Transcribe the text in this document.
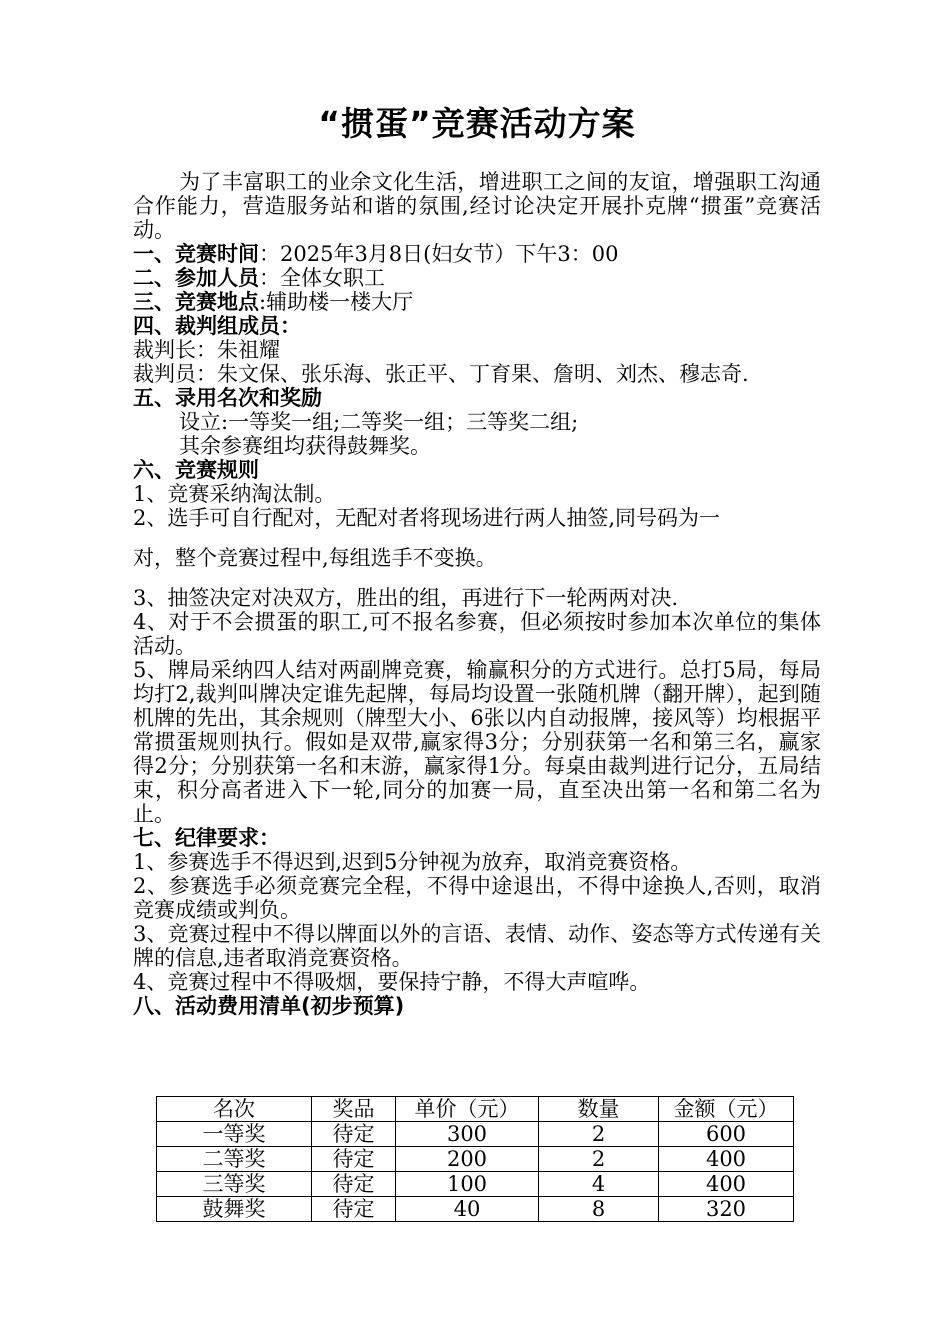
“掼蛋”竞赛活动方案

为了丰富职工的业余文化生活，增进职工之间的友谊，增强职工沟通合作能力，营造服务站和谐的氛围,经讨论决定开展扑克牌“掼蛋”竞赛活动。

一、竞赛时间：2025年3月8日(妇女节）下午3：00

二、参加人员：全体女职工

三、竞赛地点:辅助楼一楼大厅

四、裁判组成员：

裁判长：朱祖耀

裁判员：朱文保、张乐海、张正平、丁育果、詹明、刘杰、穆志奇.

五、录用名次和奖励

设立:一等奖一组;二等奖一组；三等奖二组;

其余参赛组均获得鼓舞奖。

六、竞赛规则

1、竞赛采纳淘汰制。

2、选手可自行配对，无配对者将现场进行两人抽签,同号码为一

对，整个竞赛过程中,每组选手不变换。

3、抽签决定对决双方，胜出的组，再进行下一轮两两对决.

4、对于不会掼蛋的职工,可不报名参赛，但必须按时参加本次单位的集体活动。

5、牌局采纳四人结对两副牌竞赛，输赢积分的方式进行。总打5局，每局均打2,裁判叫牌决定谁先起牌，每局均设置一张随机牌（翻开牌），起到随机牌的先出，其余规则（牌型大小、6张以内自动报牌，接风等）均根据平常掼蛋规则执行。假如是双带,赢家得3分；分别获第一名和第三名，赢家得2分；分别获第一名和末游，赢家得1分。每桌由裁判进行记分，五局结束，积分高者进入下一轮,同分的加赛一局，直至决出第一名和第二名为止。

七、纪律要求：

1、参赛选手不得迟到,迟到5分钟视为放弃，取消竞赛资格。

2、参赛选手必须竞赛完全程，不得中途退出，不得中途换人,否则，取消竞赛成绩或判负。

3、竞赛过程中不得以牌面以外的言语、表情、动作、姿态等方式传递有关牌的信息,违者取消竞赛资格。

4、竞赛过程中不得吸烟，要保持宁静，不得大声喧哗。

八、活动费用清单(初步预算)

名次	奖品	单价（元）	数量	金额（元）
一等奖	待定	300	2	600
二等奖	待定	200	2	400
三等奖	待定	100	4	400
鼓舞奖	待定	40	8	320
